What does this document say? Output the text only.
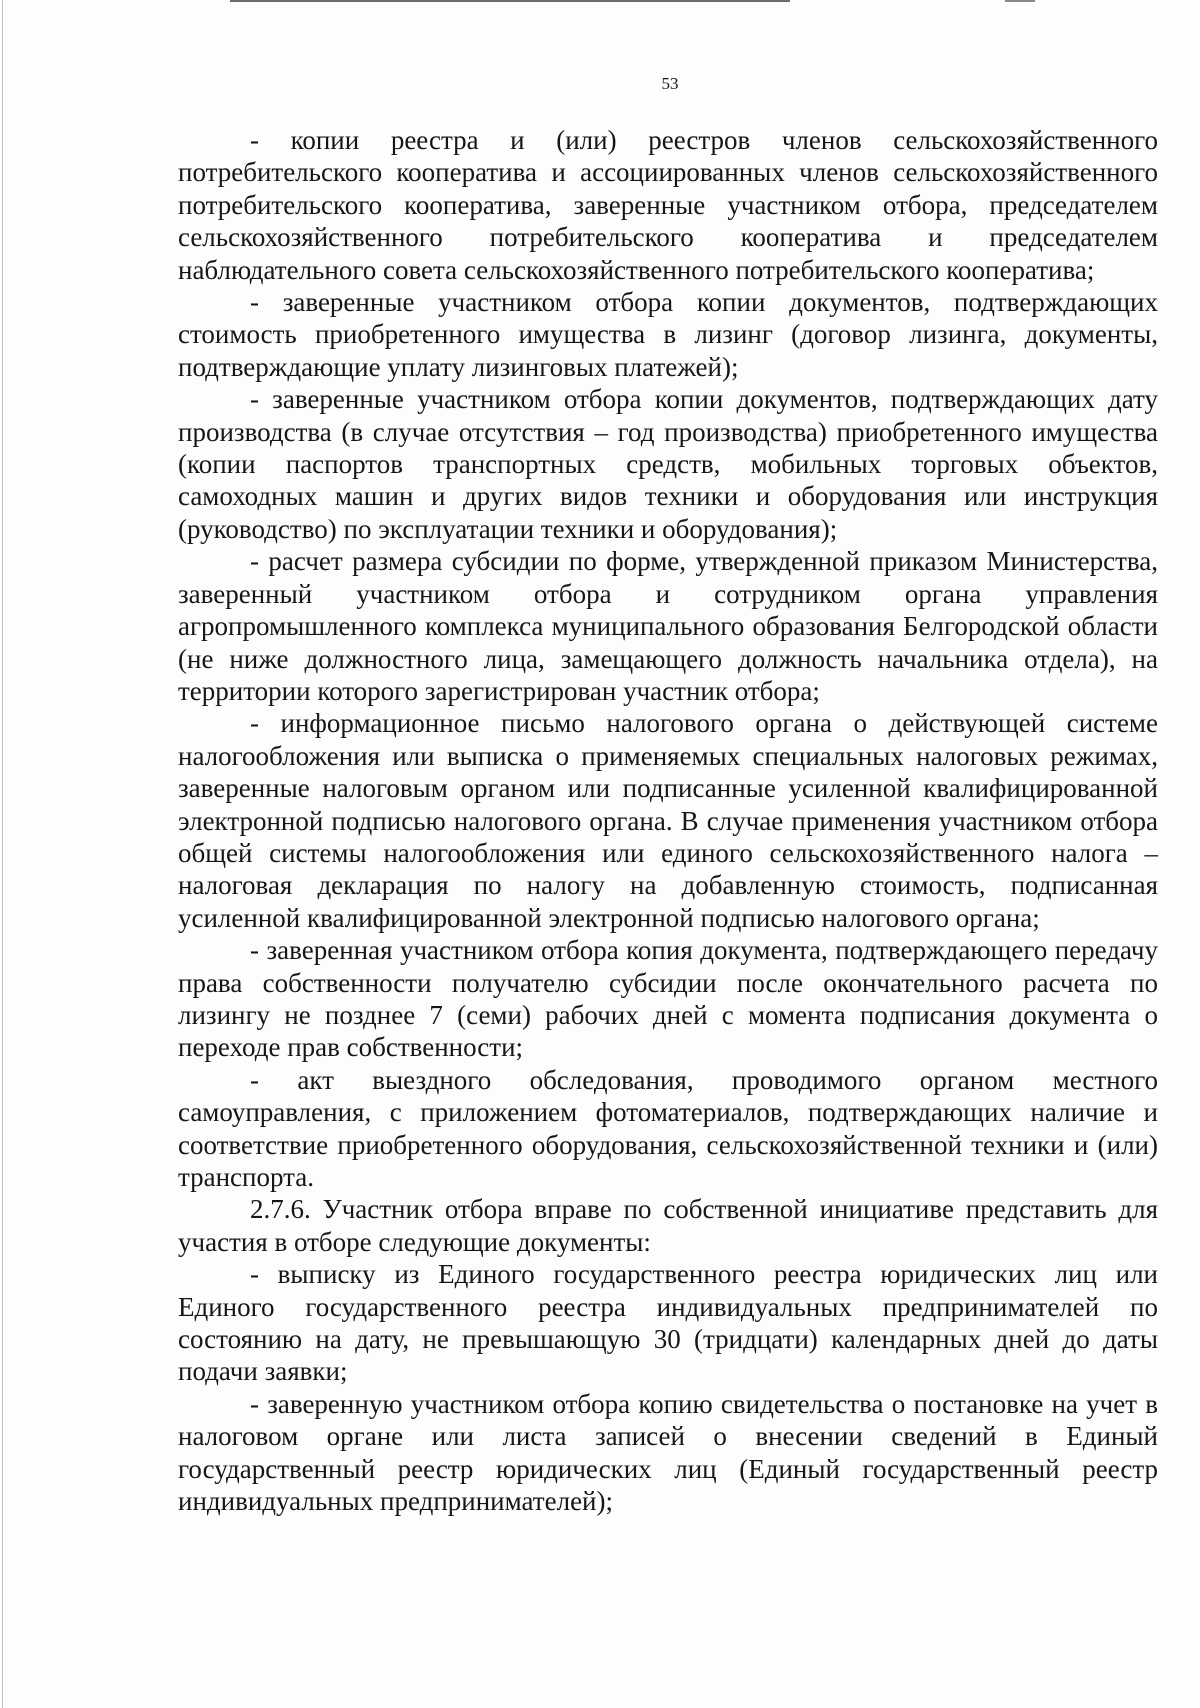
53

- копии реестра и (или) реестров членов сельскохозяйственного потребительского кооператива и ассоциированных членов сельскохозяйственного потребительского кооператива, заверенные участником отбора, председателем сельскохозяйственного потребительского кооператива и председателем наблюдательного совета сельскохозяйственного потребительского кооператива;

- заверенные участником отбора копии документов, подтверждающих стоимость приобретенного имущества в лизинг (договор лизинга, документы, подтверждающие уплату лизинговых платежей);

- заверенные участником отбора копии документов, подтверждающих дату производства (в случае отсутствия – год производства) приобретенного имущества (копии паспортов транспортных средств, мобильных торговых объектов, самоходных машин и других видов техники и оборудования или инструкция (руководство) по эксплуатации техники и оборудования);

- расчет размера субсидии по форме, утвержденной приказом Министерства, заверенный участником отбора и сотрудником органа управления агропромышленного комплекса муниципального образования Белгородской области (не ниже должностного лица, замещающего должность начальника отдела), на территории которого зарегистрирован участник отбора;

- информационное письмо налогового органа о действующей системе налогообложения или выписка о применяемых специальных налоговых режимах, заверенные налоговым органом или подписанные усиленной квалифицированной электронной подписью налогового органа. В случае применения участником отбора общей системы налогообложения или единого сельскохозяйственного налога – налоговая декларация по налогу на добавленную стоимость, подписанная усиленной квалифицированной электронной подписью налогового органа;

- заверенная участником отбора копия документа, подтверждающего передачу права собственности получателю субсидии после окончательного расчета по лизингу не позднее 7 (семи) рабочих дней с момента подписания документа о переходе прав собственности;

- акт выездного обследования, проводимого органом местного самоуправления, с приложением фотоматериалов, подтверждающих наличие и соответствие приобретенного оборудования, сельскохозяйственной техники и (или) транспорта.

2.7.6. Участник отбора вправе по собственной инициативе представить для участия в отборе следующие документы:

- выписку из Единого государственного реестра юридических лиц или Единого государственного реестра индивидуальных предпринимателей по состоянию на дату, не превышающую 30 (тридцати) календарных дней до даты подачи заявки;

- заверенную участником отбора копию свидетельства о постановке на учет в налоговом органе или листа записей о внесении сведений в Единый государственный реестр юридических лиц (Единый государственный реестр индивидуальных предпринимателей);
